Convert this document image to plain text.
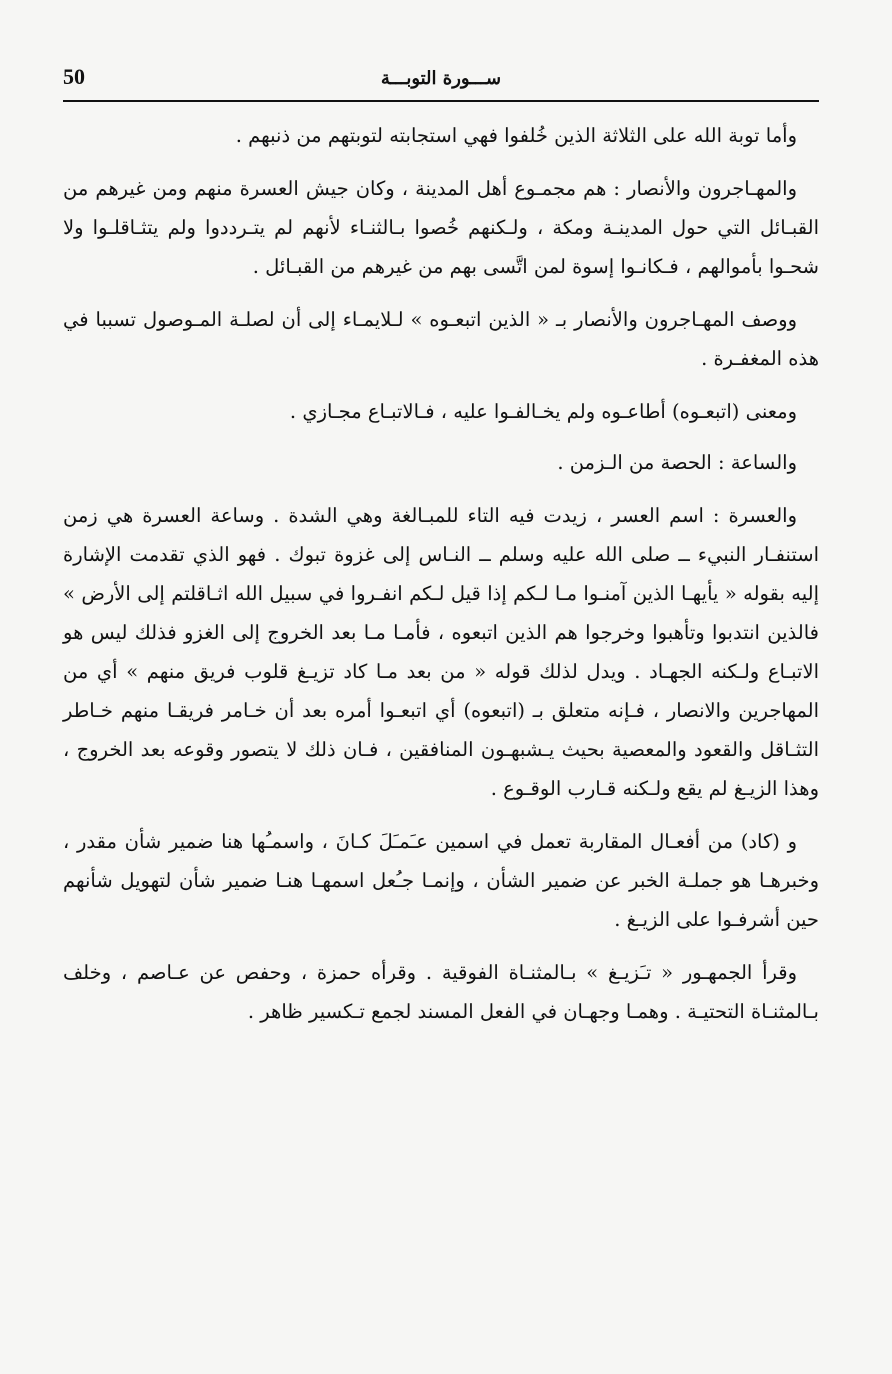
50	ســـورة التوبـــة

وأما توبة الله على الثلاثة الذين خُلفوا فهي استجابته لتوبتهم من ذنبهم .

والمهـاجرون والأنصار : هم مجمـوع أهل المدينة ، وكان جيش العسرة منهم ومن غيرهم من القبـائل التي حول المدينـة ومكة ، ولـكنهم خُصوا بـالثنـاء لأنهم لم يتـرددوا ولم يتثـاقلـوا ولا شحـوا بأموالهم ، فـكانـوا إسوة لمن اتَّسى بهم من غيرهم من القبـائل .

ووصف المهـاجرون والأنصار بـ « الذين اتبعـوه » لـلايمـاء إلى أن لصلـة المـوصول تسببا في هذه المغفـرة .

ومعنى (اتبعـوه) أطاعـوه ولم يخـالفـوا عليه ، فـالاتبـاع مجـازي .

والساعة : الحصة من الـزمن .

والعسرة : اسم العسر ، زيدت فيه التاء للمبـالغة وهي الشدة . وساعة العسرة هي زمن استنفـار النبيء ــ صلى الله عليه وسلم ــ النـاس إلى غزوة تبوك . فهو الذي تقدمت الإشارة إليه بقوله « يأيهـا الذين آمنـوا مـا لـكم إذا قيل لـكم انفـروا في سبيل الله اثـاقلتم إلى الأرض » فالذين انتدبوا وتأهبوا وخرجوا هم الذين اتبعوه ، فأمـا مـا بعد الخروج إلى الغزو فذلك ليس هو الاتبـاع ولـكنه الجهـاد . ويدل لذلك قوله « من بعد مـا كاد تزيـغ قلوب فريق منهم » أي من المهاجرين والانصار ، فـإنه متعلق بـ (اتبعوه) أي اتبعـوا أمره بعد أن خـامر فريقـا منهم خـاطر التثـاقل والقعود والمعصية بحيث يـشبهـون المنافقين ، فـان ذلك لا يتصور وقوعه بعد الخروج ، وهذا الزيـغ لم يقع ولـكنه قـارب الوقـوع .

و (كاد) من أفعـال المقاربة تعمل في اسمين عـَمـَلَ كـانَ ، واسمـُها هنا ضمير شأن مقدر ، وخبرهـا هو جملـة الخبر عن ضمير الشأن ، وإنمـا جـُعل اسمهـا هنـا ضمير شأن لتهويل شأنهم حين أشرفـوا على الزيـغ .

وقرأ الجمهـور « تـَزيـغ » بـالمثنـاة الفوقية . وقرأه حمزة ، وحفص عن عـاصم ، وخلف بـالمثنـاة التحتيـة . وهمـا وجهـان في الفعل المسند لجمع تـكسير ظاهر .
